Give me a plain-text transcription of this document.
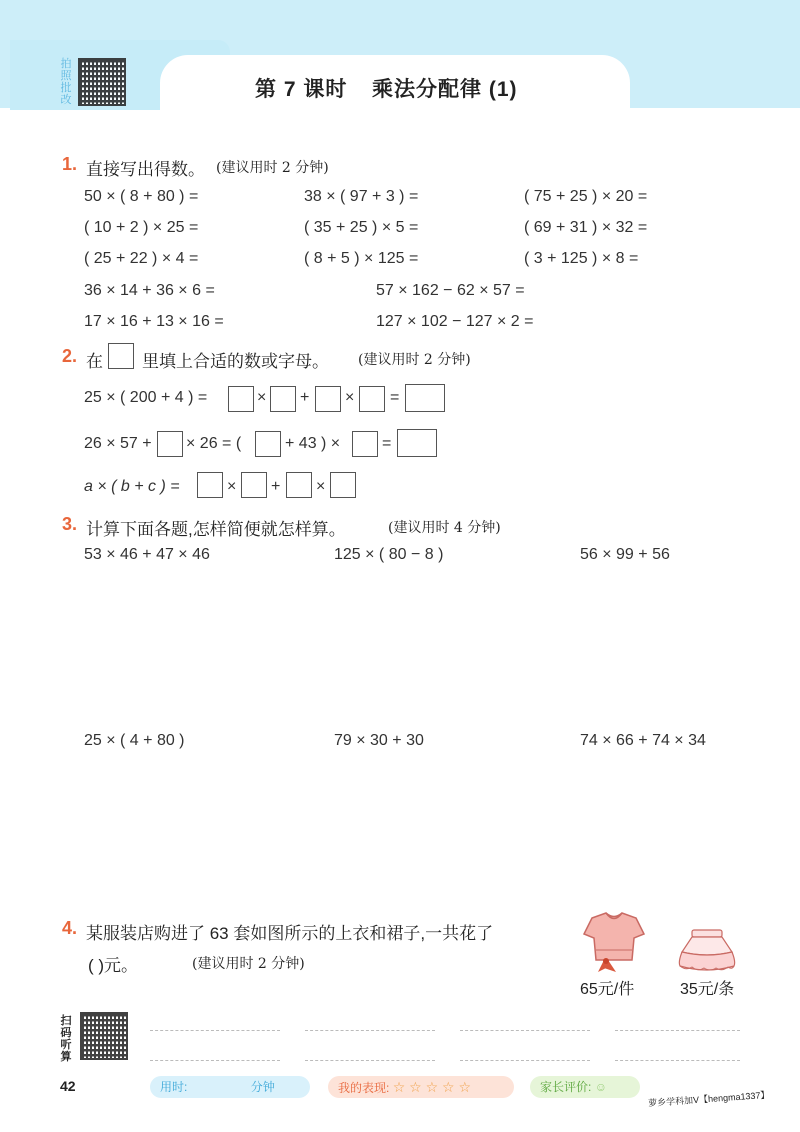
拍照批改	第 7 课时 乘法分配律 (1)
1. 直接写出得数。 (建议用时 2 分钟)
50 × ( 8 + 80 ) =	38 × ( 97 + 3 ) =	( 75 + 25 ) × 20 =
( 10 + 2 ) × 25 =	( 35 + 25 ) × 5 =	( 69 + 31 ) × 32 =
( 25 + 22 ) × 4 =	( 8 + 5 ) × 125 =	( 3 + 125 ) × 8 =
36 × 14 + 36 × 6 =	57 × 162 − 62 × 57 =
17 × 16 + 13 × 16 =	127 × 102 − 127 × 2 =
2. 在 里填上合适的数或字母。 (建议用时 2 分钟)
25 × ( 200 + 4 ) =	× + × =
26 × 57 + × 26 = (	+ 43 ) ×	=
a × ( b + c ) =	× + ×
3. 计算下面各题,怎样简便就怎样算。	(建议用时 4 分钟)
53 × 46 + 47 × 46	125 × ( 80 − 8 )	56 × 99 + 56
25 × ( 4 + 80 )	79 × 30 + 30	74 × 66 + 74 × 34
4. 某服装店购进了 63 套如图所示的上衣和裙子,一共花了
( )元。	(建议用时 2 分钟)
65元/件	35元/条
扫码听算
42	用时:	分钟	我的表现: ☆ ☆ ☆ ☆ ☆	家长评价: ☺
萝乡学科加V【hengma1337】
